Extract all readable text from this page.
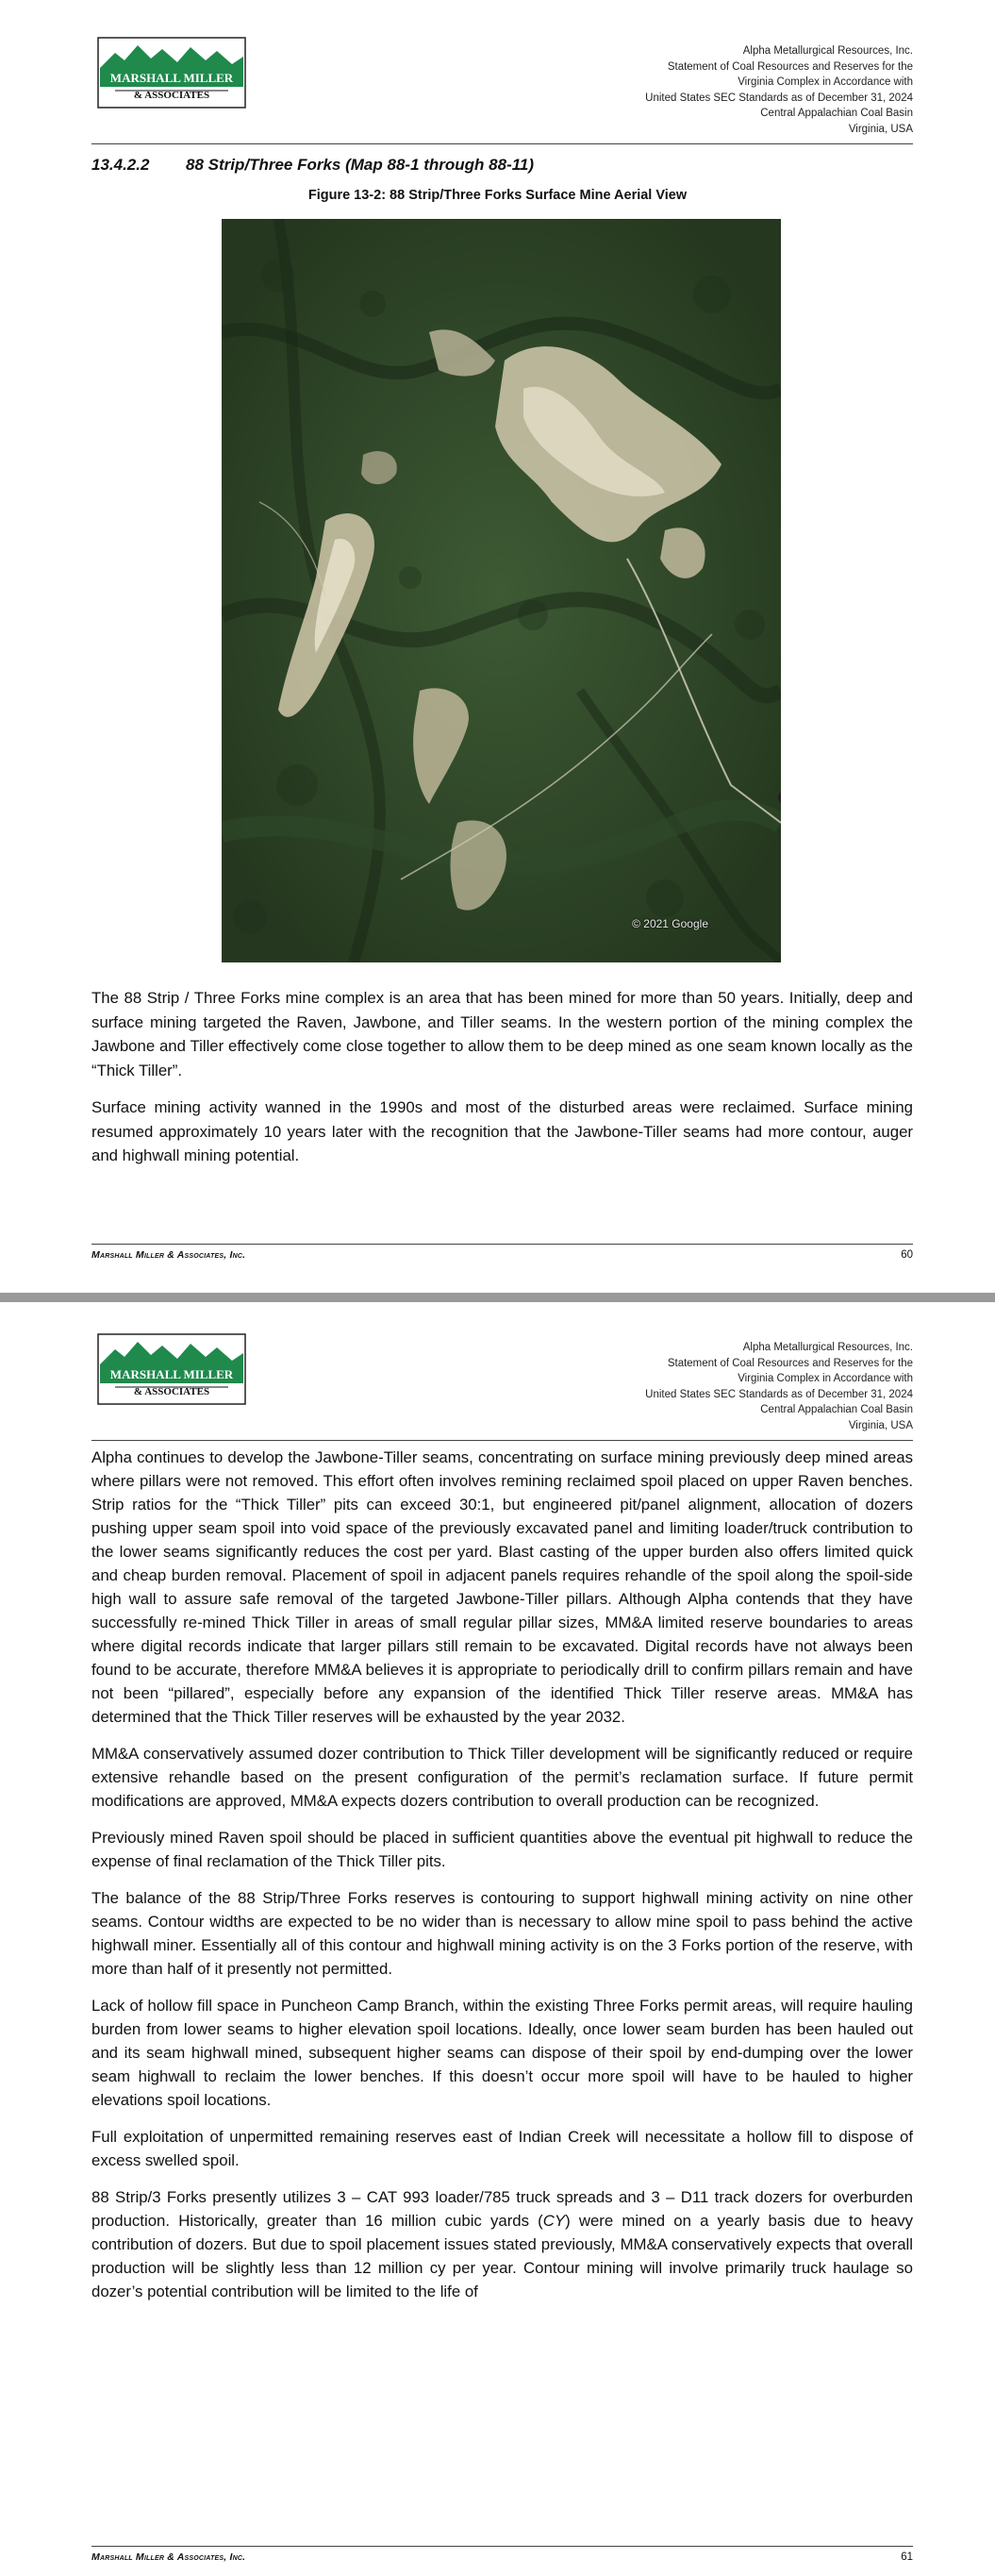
MARSHALL MILLER
& ASSOCIATES
Alpha Metallurgical Resources, Inc.
Statement of Coal Resources and Reserves for the
Virginia Complex in Accordance with
United States SEC Standards as of December 31, 2024
Central Appalachian Coal Basin
Virginia, USA
13.4.2.2 88 Strip/Three Forks (Map 88-1 through 88-11)
Figure 13-2: 88 Strip/Three Forks Surface Mine Aerial View
© 2021 Google

The 88 Strip / Three Forks mine complex is an area that has been mined for more than 50 years. Initially, deep and surface mining targeted the Raven, Jawbone, and Tiller seams. In the western portion of the mining complex the Jawbone and Tiller effectively come close together to allow them to be deep mined as one seam known locally as the “Thick Tiller”.

Surface mining activity wanned in the 1990s and most of the disturbed areas were reclaimed. Surface mining resumed approximately 10 years later with the recognition that the Jawbone-Tiller seams had more contour, auger and highwall mining potential.

Marshall Miller & Associates, Inc.	60
MARSHALL MILLER
& ASSOCIATES
Alpha Metallurgical Resources, Inc.
Statement of Coal Resources and Reserves for the
Virginia Complex in Accordance with
United States SEC Standards as of December 31, 2024
Central Appalachian Coal Basin
Virginia, USA

Alpha continues to develop the Jawbone-Tiller seams, concentrating on surface mining previously deep mined areas where pillars were not removed. This effort often involves remining reclaimed spoil placed on upper Raven benches. Strip ratios for the “Thick Tiller” pits can exceed 30:1, but engineered pit/panel alignment, allocation of dozers pushing upper seam spoil into void space of the previously excavated panel and limiting loader/truck contribution to the lower seams significantly reduces the cost per yard. Blast casting of the upper burden also offers limited quick and cheap burden removal. Placement of spoil in adjacent panels requires rehandle of the spoil along the spoil-side high wall to assure safe removal of the targeted Jawbone-Tiller pillars. Although Alpha contends that they have successfully re-mined Thick Tiller in areas of small regular pillar sizes, MM&A limited reserve boundaries to areas where digital records indicate that larger pillars still remain to be excavated. Digital records have not always been found to be accurate, therefore MM&A believes it is appropriate to periodically drill to confirm pillars remain and have not been “pillared”, especially before any expansion of the identified Thick Tiller reserve areas. MM&A has determined that the Thick Tiller reserves will be exhausted by the year 2032.

MM&A conservatively assumed dozer contribution to Thick Tiller development will be significantly reduced or require extensive rehandle based on the present configuration of the permit’s reclamation surface. If future permit modifications are approved, MM&A expects dozers contribution to overall production can be recognized.

Previously mined Raven spoil should be placed in sufficient quantities above the eventual pit highwall to reduce the expense of final reclamation of the Thick Tiller pits.

The balance of the 88 Strip/Three Forks reserves is contouring to support highwall mining activity on nine other seams. Contour widths are expected to be no wider than is necessary to allow mine spoil to pass behind the active highwall miner. Essentially all of this contour and highwall mining activity is on the 3 Forks portion of the reserve, with more than half of it presently not permitted.

Lack of hollow fill space in Puncheon Camp Branch, within the existing Three Forks permit areas, will require hauling burden from lower seams to higher elevation spoil locations. Ideally, once lower seam burden has been hauled out and its seam highwall mined, subsequent higher seams can dispose of their spoil by end-dumping over the lower seam highwall to reclaim the lower benches. If this doesn’t occur more spoil will have to be hauled to higher elevations spoil locations.

Full exploitation of unpermitted remaining reserves east of Indian Creek will necessitate a hollow fill to dispose of excess swelled spoil.

88 Strip/3 Forks presently utilizes 3 – CAT 993 loader/785 truck spreads and 3 – D11 track dozers for overburden production. Historically, greater than 16 million cubic yards (CY) were mined on a yearly basis due to heavy contribution of dozers. But due to spoil placement issues stated previously, MM&A conservatively expects that overall production will be slightly less than 12 million cy per year. Contour mining will involve primarily truck haulage so dozer’s potential contribution will be limited to the life of

Marshall Miller & Associates, Inc.	61
